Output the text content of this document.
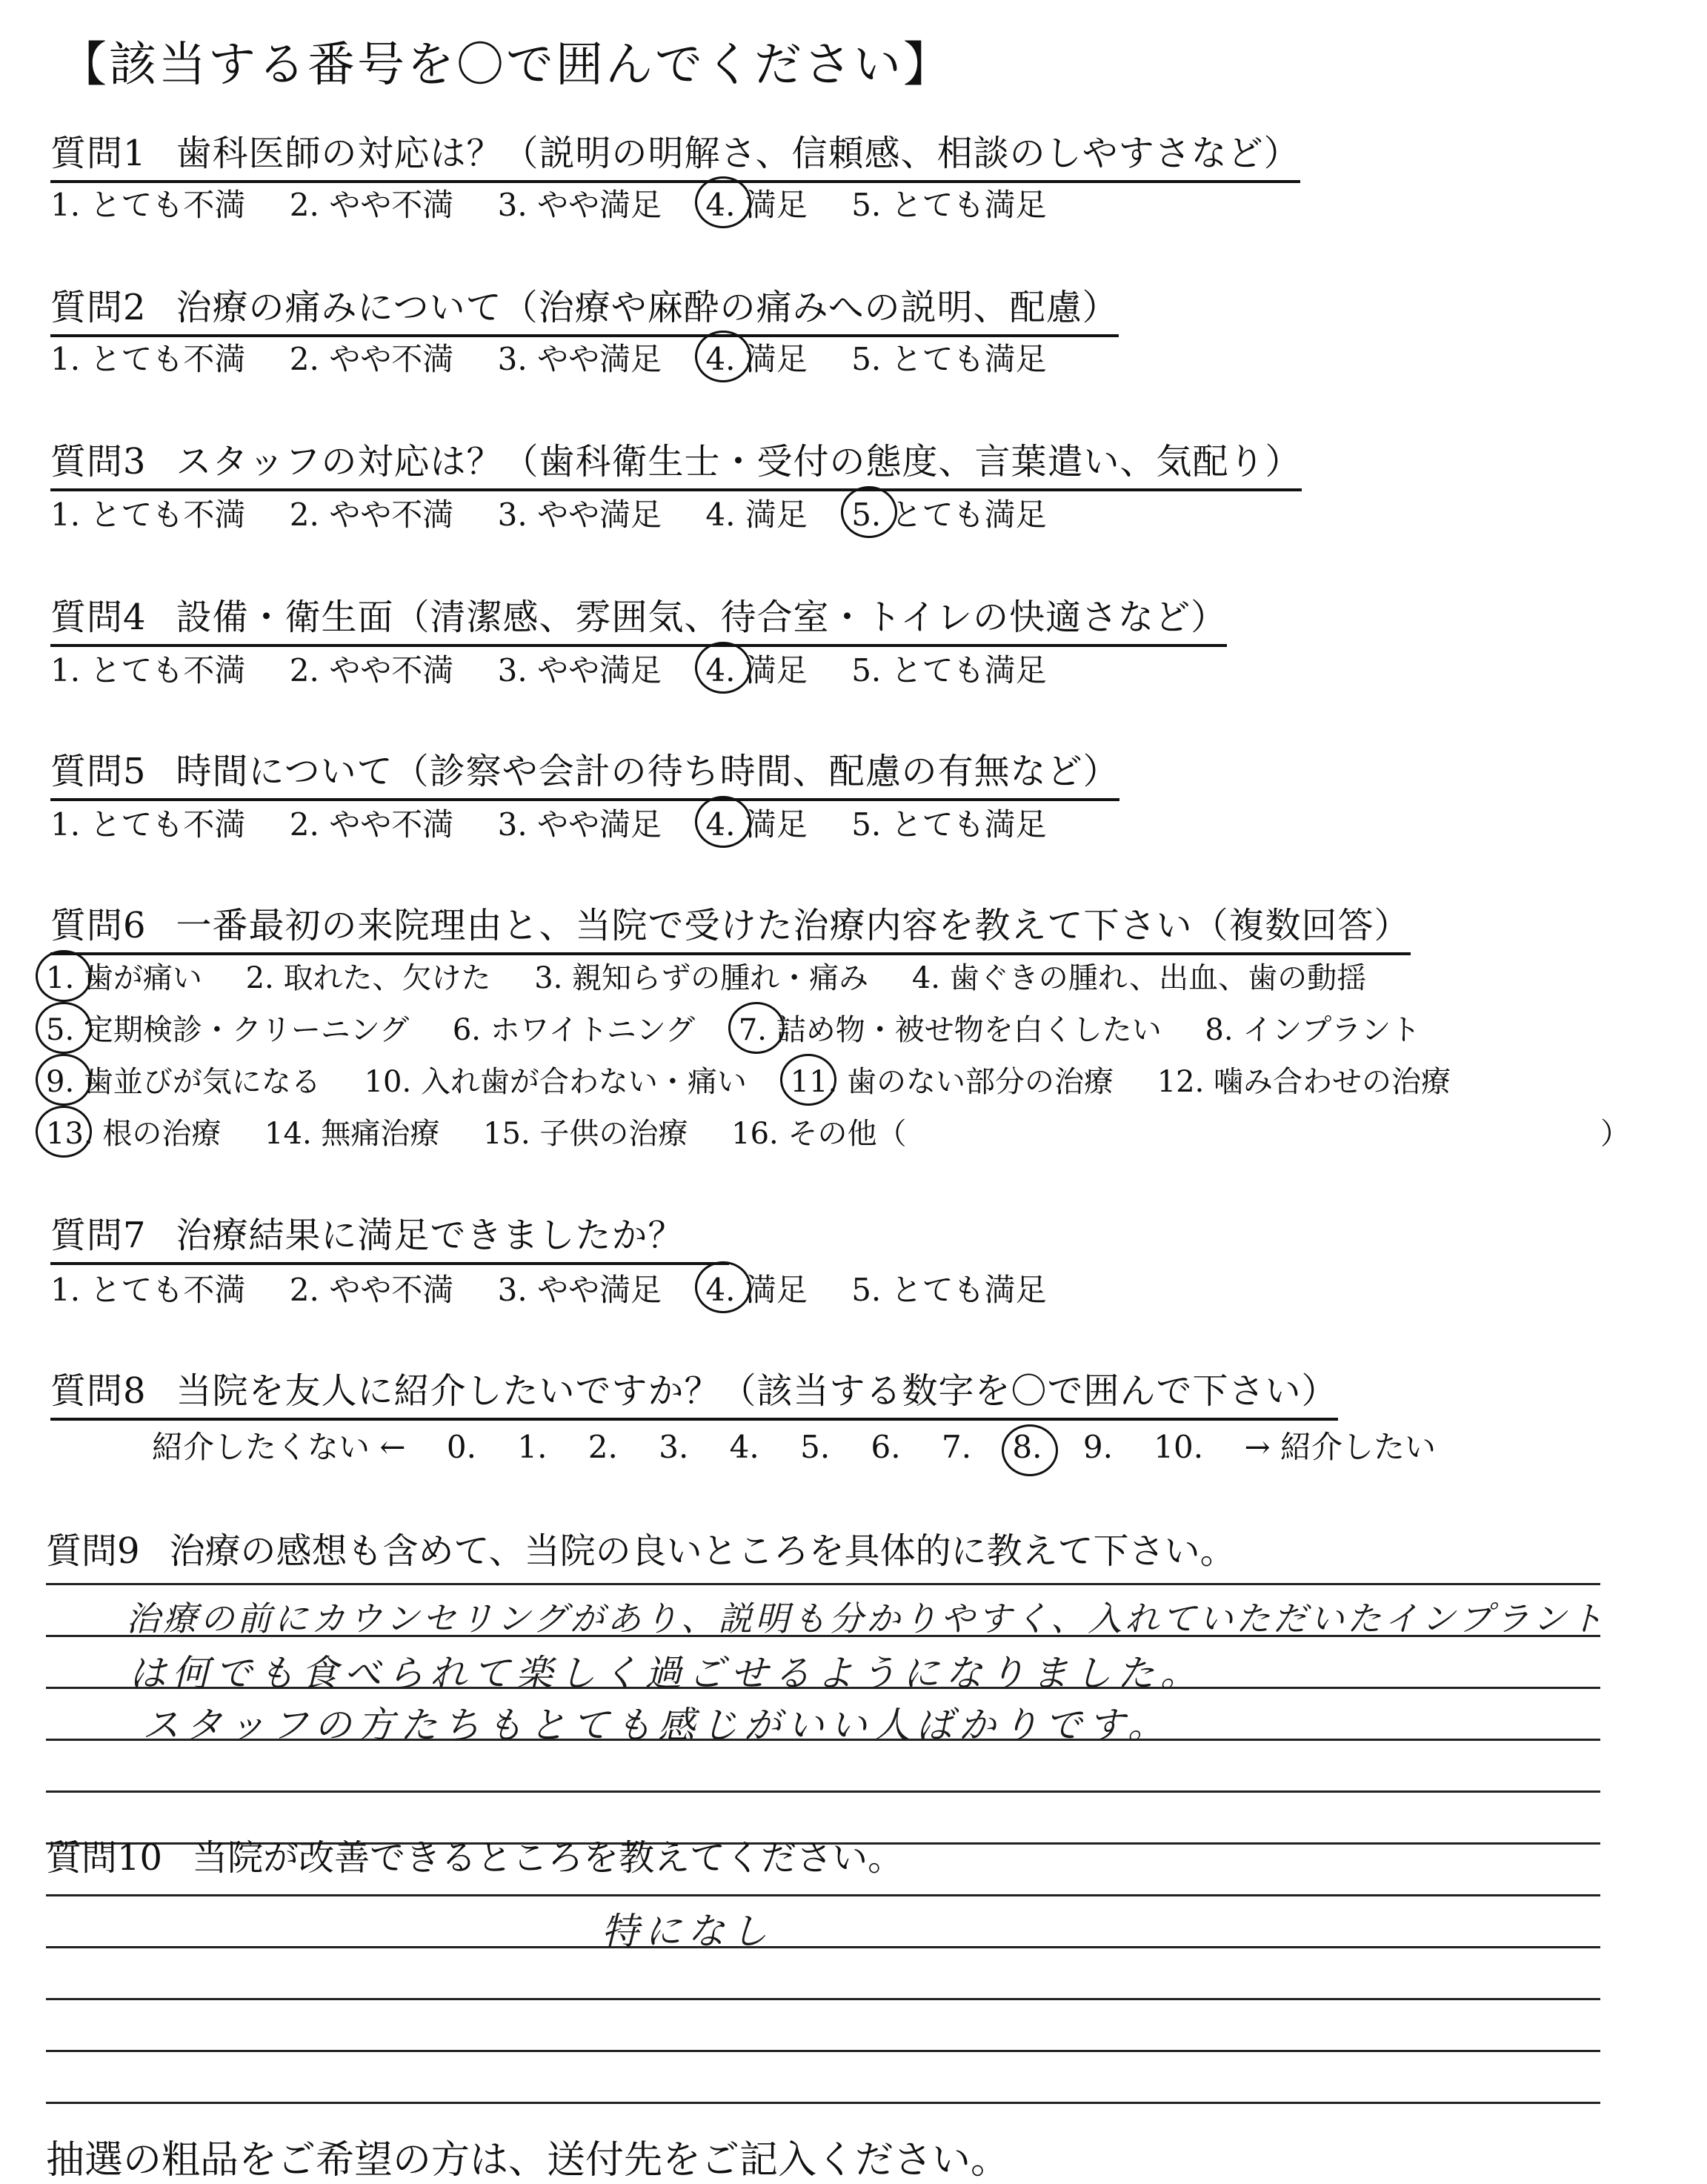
【該当する番号を〇で囲んでください】
質問1 歯科医師の対応は？（説明の明解さ、信頼感、相談のしやすさなど）
1. とても不満 2. やや不満 3. やや満足 4. 満足 5. とても満足
質問2 治療の痛みについて（治療や麻酔の痛みへの説明、配慮）
1. とても不満 2. やや不満 3. やや満足 4. 満足 5. とても満足
質問3 スタッフの対応は？（歯科衛生士・受付の態度、言葉遣い、気配り）
1. とても不満 2. やや不満 3. やや満足 4. 満足 5. とても満足
質問4 設備・衛生面（清潔感、雰囲気、待合室・トイレの快適さなど）
1. とても不満 2. やや不満 3. やや満足 4. 満足 5. とても満足
質問5 時間について（診察や会計の待ち時間、配慮の有無など）
1. とても不満 2. やや不満 3. やや満足 4. 満足 5. とても満足
質問6 一番最初の来院理由と、当院で受けた治療内容を教えて下さい（複数回答）
1. 歯が痛い 2. 取れた、欠けた 3. 親知らずの腫れ・痛み 4. 歯ぐきの腫れ、出血、歯の動揺
5. 定期検診・クリーニング 6. ホワイトニング 7. 詰め物・被せ物を白くしたい 8. インプラント
9. 歯並びが気になる 10. 入れ歯が合わない・痛い 11. 歯のない部分の治療 12. 噛み合わせの治療
13. 根の治療 14. 無痛治療 15. 子供の治療 16. その他（	）
質問7 治療結果に満足できましたか？
1. とても不満 2. やや不満 3. やや満足 4. 満足 5. とても満足
質問8 当院を友人に紹介したいですか？（該当する数字を〇で囲んで下さい）
紹介したくない ← 0. 1. 2. 3. 4. 5. 6. 7. 8. 9. 10. → 紹介したい
質問9 治療の感想も含めて、当院の良いところを具体的に教えて下さい。
治療の前にカウンセリングがあり、説明も分かりやすく、入れていただいたインプラント
は何でも食べられて楽しく過ごせるようになりました。
スタッフの方たちもとても感じがいい人ばかりです。
質問10 当院が改善できるところを教えてください。
特になし
抽選の粗品をご希望の方は、送付先をご記入ください。
